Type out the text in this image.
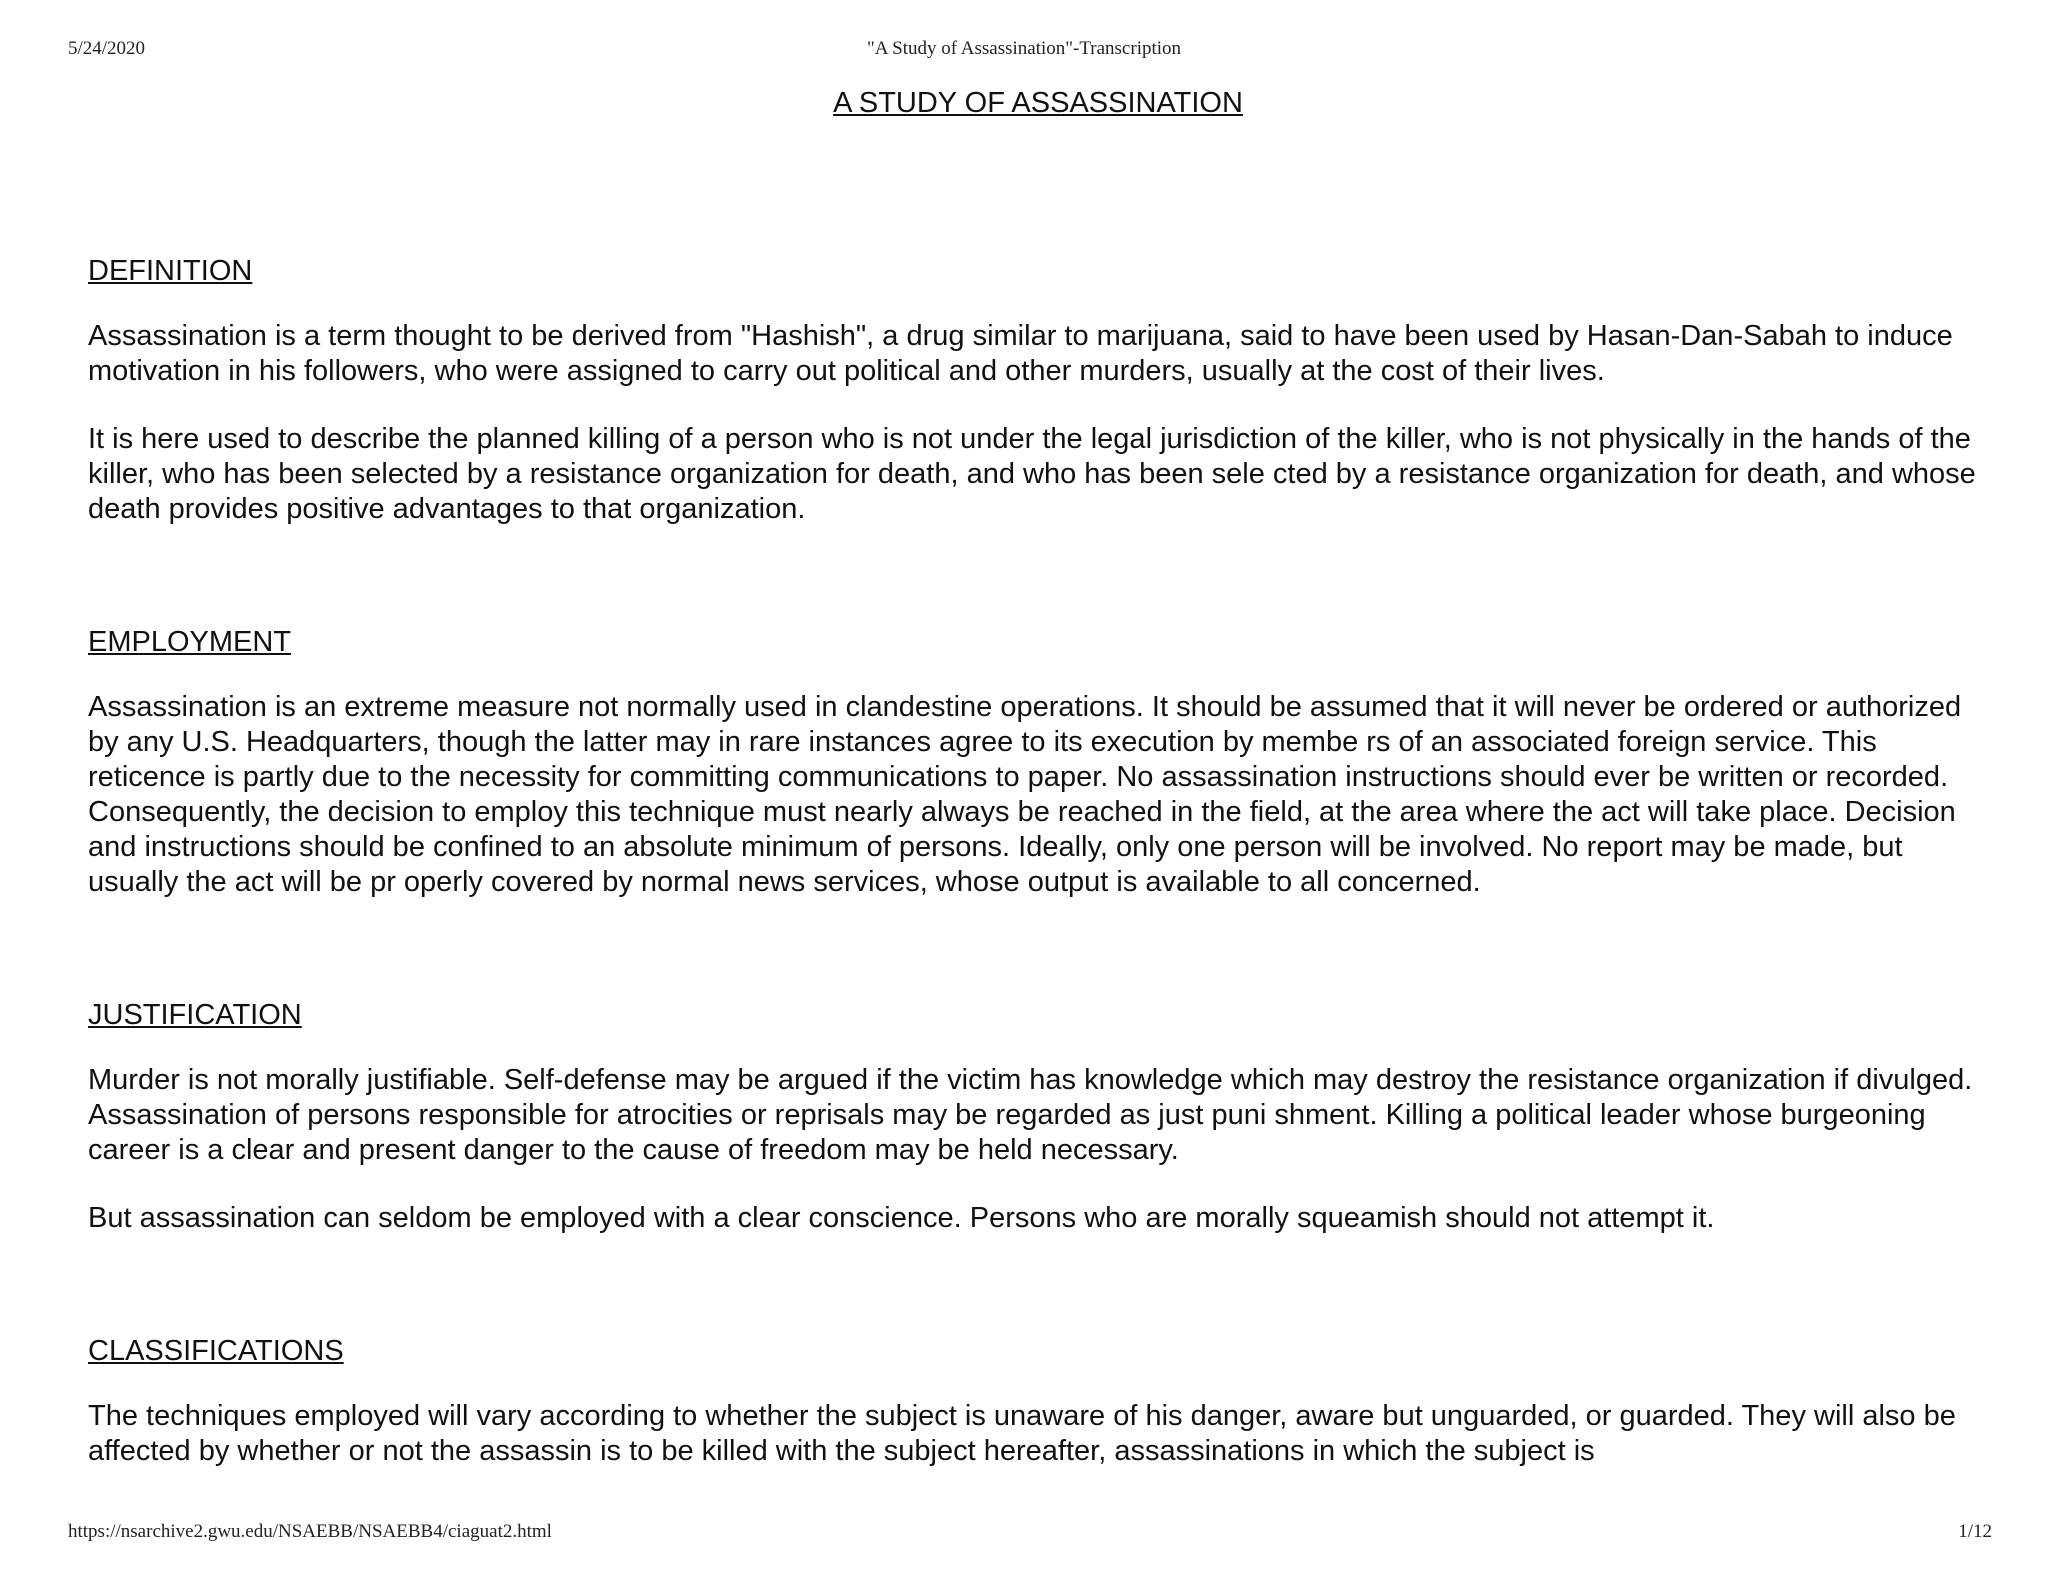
5/24/2020	"A Study of Assassination"-Transcription
A STUDY OF ASSASSINATION
DEFINITION

Assassination is a term thought to be derived from "Hashish", a drug similar to marijuana, said to have been used by Hasan-Dan-Sabah to induce motivation in his followers, who were assigned to carry out political and other murders, usually at the cost of their lives.

It is here used to describe the planned killing of a person who is not under the legal jurisdiction of the killer, who is not physically in the hands of the killer, who has been selected by a resistance organization for death, and who has been sele cted by a resistance organization for death, and whose death provides positive advantages to that organization.

EMPLOYMENT

Assassination is an extreme measure not normally used in clandestine operations. It should be assumed that it will never be ordered or authorized by any U.S. Headquarters, though the latter may in rare instances agree to its execution by membe rs of an associated foreign service. This reticence is partly due to the necessity for committing communications to paper. No assassination instructions should ever be written or recorded. Consequently, the decision to employ this technique must nearly always be reached in the field, at the area where the act will take place. Decision and instructions should be confined to an absolute minimum of persons. Ideally, only one person will be involved. No report may be made, but usually the act will be pr operly covered by normal news services, whose output is available to all concerned.

JUSTIFICATION

Murder is not morally justifiable. Self-defense may be argued if the victim has knowledge which may destroy the resistance organization if divulged. Assassination of persons responsible for atrocities or reprisals may be regarded as just puni shment. Killing a political leader whose burgeoning career is a clear and present danger to the cause of freedom may be held necessary.

But assassination can seldom be employed with a clear conscience. Persons who are morally squeamish should not attempt it.

CLASSIFICATIONS

The techniques employed will vary according to whether the subject is unaware of his danger, aware but unguarded, or guarded. They will also be affected by whether or not the assassin is to be killed with the subject hereafter, assassinations in which the subject is

https://nsarchive2.gwu.edu/NSAEBB/NSAEBB4/ciaguat2.html	1/12
